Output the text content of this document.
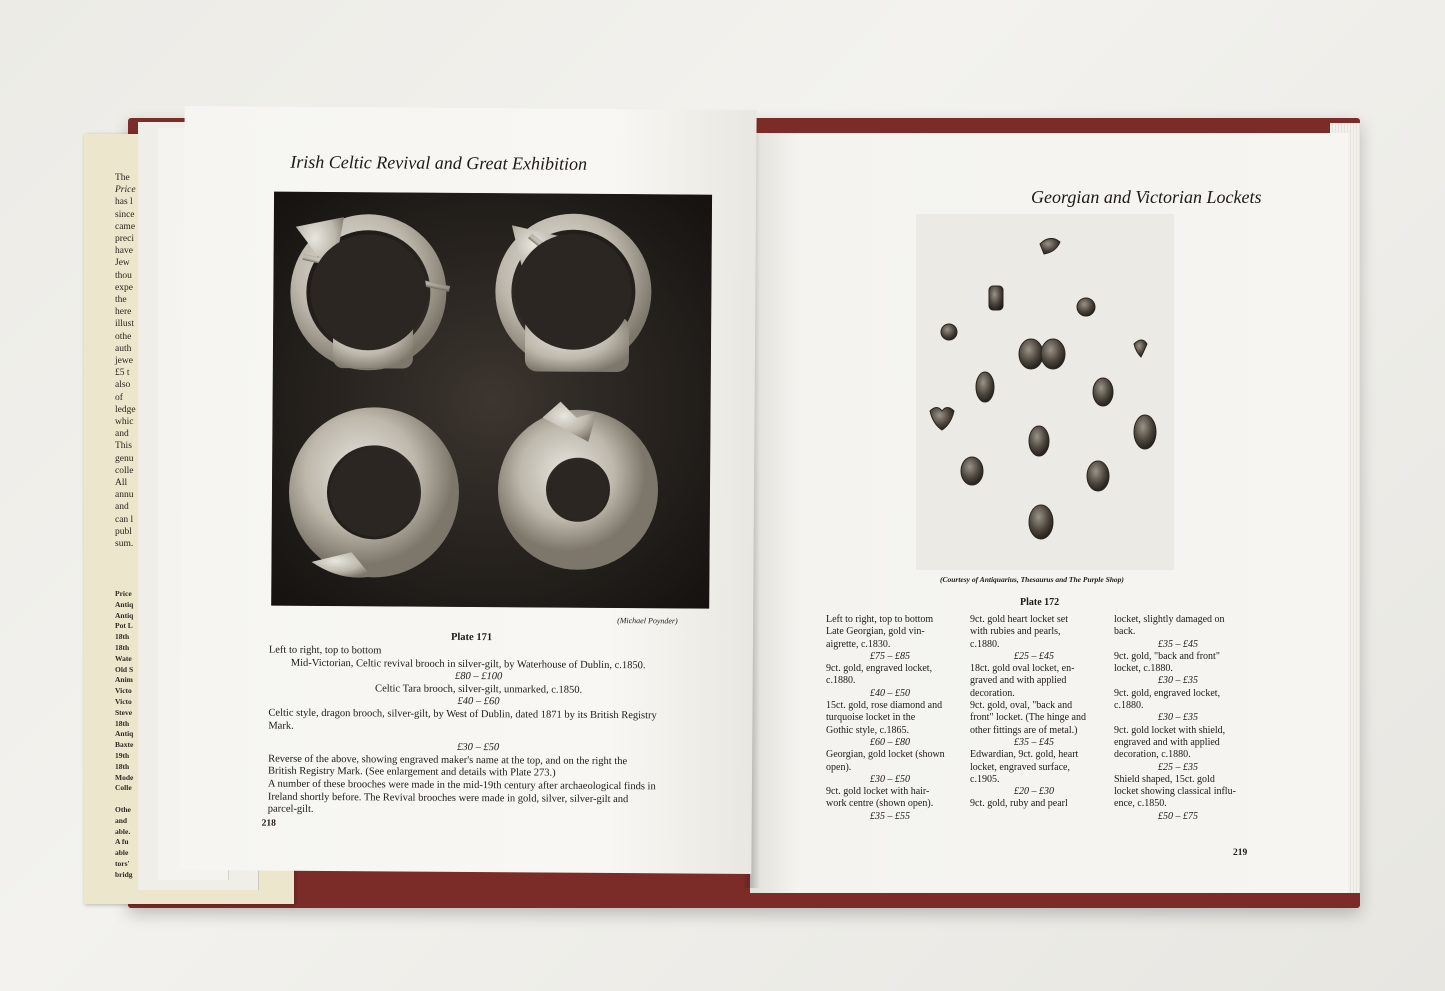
The
Price
has l
since
came
preci
have
Jew
thou
expe
the
here
illust
othe
auth
jewe
£5 t
also
of
ledge
whic
and
This
genu
colle
All
annu
and
can l
publ
sum.
Price
Antiq
Antiq
Pot L
18th
18th
Wate
Old S
Anim
Victo
Victo
Steve
18th
Antiq
Baxte
19th
18th
Mode
Colle

Othe
and
able.
A fu
able
tors'
bridg
Georgian and Victorian Lockets
(Courtesy of Antiquarius, Thesaurus and The Purple Shop)
Plate 172
Left to right, top to bottom
Late Georgian, gold vin-
aigrette, c.1830.
£75 – £85
9ct. gold, engraved locket,
c.1880.
£40 – £50
15ct. gold, rose diamond and
turquoise locket in the
Gothic style, c.1865.
£60 – £80
Georgian, gold locket (shown
open).
£30 – £50
9ct. gold locket with hair-
work centre (shown open).
£35 – £55
9ct. gold heart locket set
with rubies and pearls,
c.1880.
£25 – £45
18ct. gold oval locket, en-
graved and with applied
decoration.
9ct. gold, oval, "back and
front" locket. (The hinge and
other fittings are of metal.)
£35 – £45
Edwardian, 9ct. gold, heart
locket, engraved surface,
c.1905.
£20 – £30
9ct. gold, ruby and pearl
locket, slightly damaged on
back.
£35 – £45
9ct. gold, "back and front"
locket, c.1880.
£30 – £35
9ct. gold, engraved locket,
c.1880.
£30 – £35
9ct. gold locket with shield,
engraved and with applied
decoration, c.1880.
£25 – £35
Shield shaped, 15ct. gold
locket showing classical influ-
ence, c.1850.
£50 – £75
219
Irish Celtic Revival and Great Exhibition
(Michael Poynder)
Plate 171
Left to right, top to bottom
Mid-Victorian, Celtic revival brooch in silver-gilt, by Waterhouse of Dublin, c.1850.
£80 – £100
Celtic Tara brooch, silver-gilt, unmarked, c.1850.
£40 – £60
Celtic style, dragon brooch, silver-gilt, by West of Dublin, dated 1871 by its British Registry
Mark.
£30 – £50
Reverse of the above, showing engraved maker's name at the top, and on the right the
British Registry Mark. (See enlargement and details with Plate 273.)
A number of these brooches were made in the mid-19th century after archaeological finds in
Ireland shortly before. The Revival brooches were made in gold, silver, silver-gilt and
parcel-gilt.
218
